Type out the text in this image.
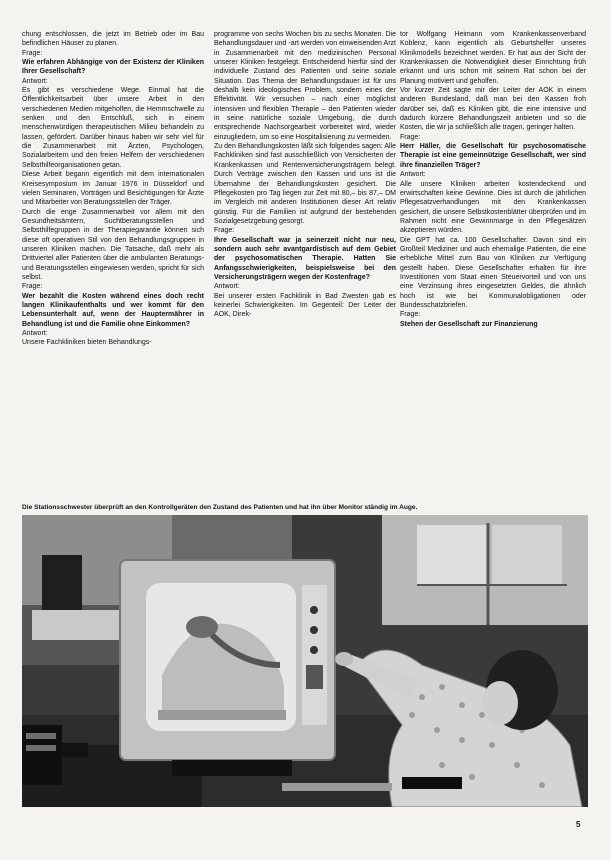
chung entschlossen, die jetzt im Betrieb oder im Bau befindlichen Häuser zu planen.

Frage:

Wie erfahren Abhängige von der Existenz der Kliniken Ihrer Gesellschaft?

Antwort:

Es gibt es verschiedene Wege. Einmal hat die Öffentlichkeitsarbeit über unsere Arbeit in den verschiedenen Medien mitgeholfen, die Hemmschwelle zu senken und den Entschluß, sich in einem menschenwürdigen therapeutischen Milieu behandeln zu lassen, gefördert. Darüber hinaus haben wir sehr viel für die Zusammenarbeit mit Ärzten, Psychologen, Sozialarbeitern und den freien Helfern der verschiedenen Selbsthilfeorganisationen getan.

Diese Arbeit begann eigentlich mit dem internationalen Kreisesymposium im Januar 1976 in Düsseldorf und vielen Seminaren, Vorträgen und Besichtigungen für Ärzte und Mitarbeiter von Beratungsstellen der Träger.

Durch die enge Zusammenarbeit vor allem mit den Gesundheitsämtern, Suchtberatungsstellen und Selbsthilfegruppen in der Therapiegarantie können sich diese oft operativen Stil von den Behandlungsgruppen in unseren Kliniken machen. Die Tatsache, daß mehr als Drittviertel aller Patienten über die ambulanten Beratungs- und Beratungsstellen eingewiesen werden, spricht für sich selbst.

Frage:

Wer bezahlt die Kosten während eines doch recht langen Klinikaufenthalts und wer kommt für den Lebensunterhalt auf, wenn der Hauptermährer in Behandlung ist und die Familie ohne Einkommen?

Antwort:

Unsere Fachkliniken bieten Behandlungs-

programme von sechs Wochen bis zu sechs Monaten. Die Behandlungsdauer und -art werden von einweisenden Arzt in Zusammenarbeit mit den medizinischen Personal unserer Kliniken festgelegt. Entscheidend hierfür sind der individuelle Zustand des Patienten und seine soziale Situation. Das Thema der Behandlungsdauer ist für uns deshalb kein ideologisches Problem, sondern eines der Effektivität. Wir versuchen – nach einer möglichst intensiven und flexiblen Therapie – den Patienten wieder in seine natürliche soziale Umgebung, die durch entsprechende Nachsorgearbeit vorbereitet wird, wieder einzugliedern, um so eine Hospitalisierung zu vermeiden.

Zu den Behandlungskosten läßt sich folgendes sagen: Alle Fachkliniken sind fast ausschließlich von Versicherten der Krankenkassen und Rentenversicherungsträgern belegt. Durch Verträge zwischen den Kassen und uns ist die Übernahme der Behandlungskosten gesichert. Die Pflegekosten pro Tag liegen zur Zeit mit 80,– bis 87,– DM im Vergleich mit anderen Institutionen dieser Art relativ günstig. Für die Familien ist aufgrund der bestehenden Sozialgesetzgebung gesorgt.

Frage:

Ihre Gesellschaft war ja seinerzeit nicht nur neu, sondern auch sehr avantgardistisch auf dem Gebiet der psychosomatischen Therapie. Hatten Sie Anfangsschwierigkeiten, beispielsweise bei den Versicherungsträgern wegen der Kostenfrage?

Antwort:

Bei unserer ersten Fachklinik in Bad Zwesten gab es keinerlei Schwierigkeiten. Im Gegenteil: Der Leiter der AOK, Direk-

tor Wolfgang Heimann vom Krankenkassenverband Koblenz, kann eigentlich als Geburtshelfer unseres Klinikmodells bezeichnet werden. Er hat aus der Sicht der Krankenkassen die Notwendigkeit dieser Einrichtung früh erkannt und uns schon mit seinem Rat schon bei der Planung motiviert und geholfen.

Vor kurzer Zeit sagte mir der Leiter der AOK in einem anderen Bundesland, daß man bei den Kassen froh darüber sei, daß es Kliniken gibt, die eine intensive und dadurch kürzere Behandlungszeit anbieten und so die Kosten, die wir ja schließlich alle tragen, geringer halten.

Frage:

Herr Häller, die Gesellschaft für psychosomatische Therapie ist eine gemeinnützige Gesellschaft, wer sind ihre finanziellen Träger?

Antwort:

Alle unsere Kliniken arbeiten kostendeckend und erwirtschaften keine Gewinne. Dies ist durch die jährlichen Pflegesatzverhandlungen mit den Krankenkassen gesichert, die unsere Selbstkostenblätter überprüfen und im Rahmen nicht eine Gewinnmarge in den Pflegesätzen akzeptieren würden.

Die GPT hat ca. 100 Gesellschafter. Davon sind ein Großteil Mediziner und auch ehemalige Patienten, die eine erhebliche Mittel zum Bau von Kliniken zur Verfügung gestellt haben. Diese Gesellschafter erhalten für ihre Investitionen vom Staat einen Steuervorteil und von uns eine Verzinsung ihres eingesetzten Geldes, die ähnlich hoch ist wie bei Kommunalobligationen oder Bundesschatzbriefen.

Frage:

Stehen der Gesellschaft zur Finanzierung

Die Stationsschwester überprüft an den Kontrollgeräten den Zustand des Patienten und hat ihn über Monitor ständig im Auge.
5
